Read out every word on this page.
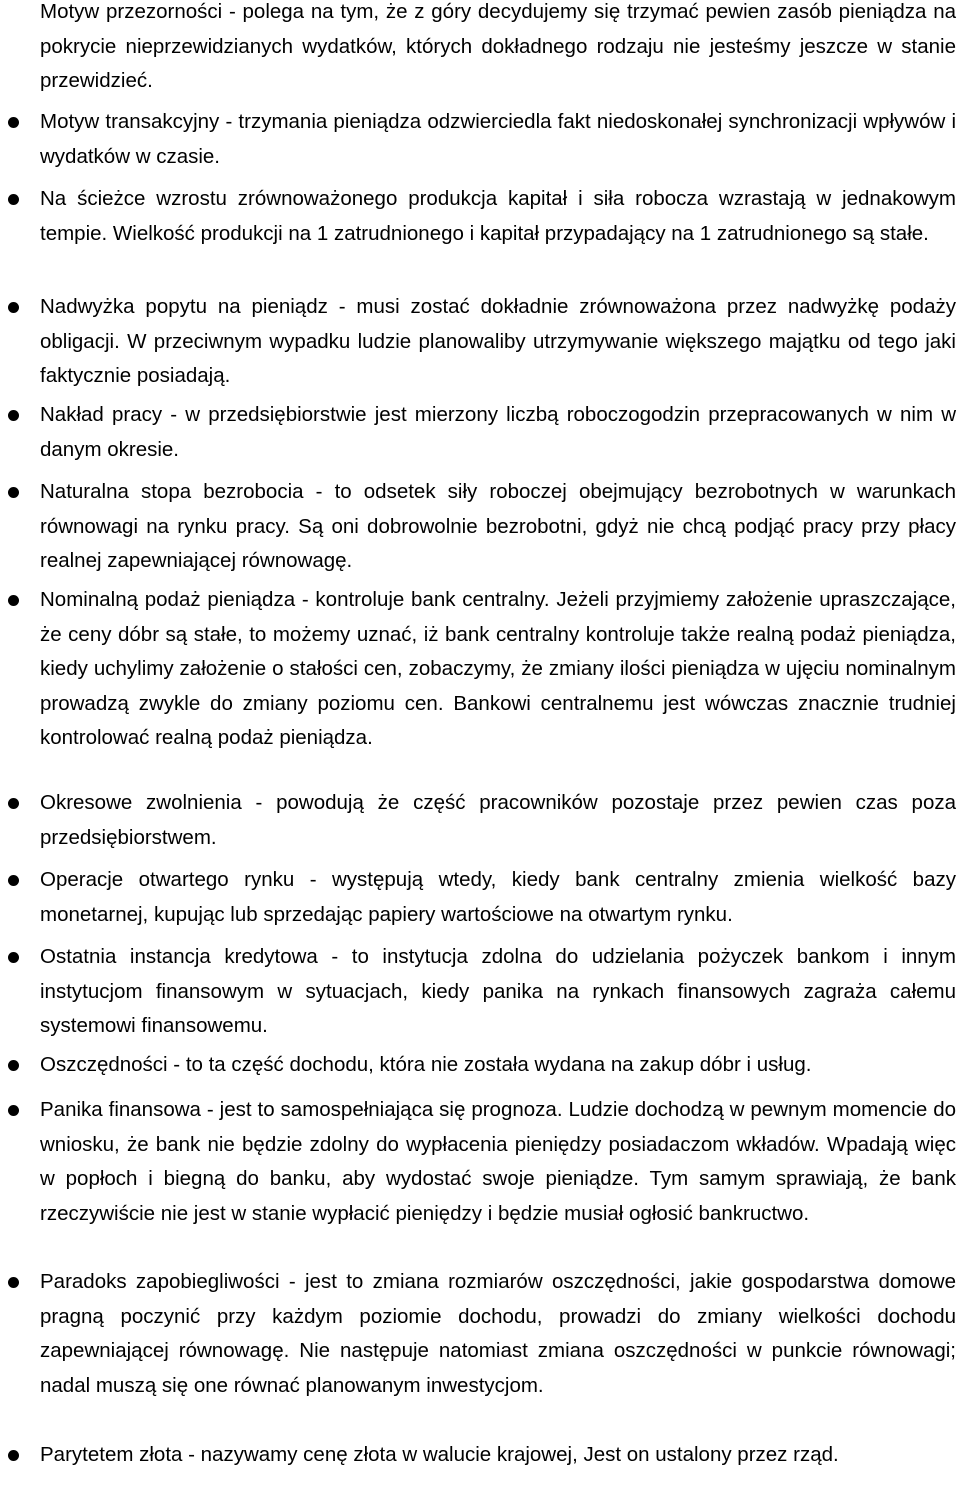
Motyw przezorności - polega na tym, że z góry decydujemy się trzymać pewien zasób pieniądza na pokrycie nieprzewidzianych wydatków, których dokładnego rodzaju nie jesteśmy jeszcze w stanie przewidzieć.

Motyw transakcyjny - trzymania pieniądza odzwierciedla fakt niedoskonałej synchronizacji wpływów i wydatków w czasie.

Na ścieżce wzrostu zrównoważonego produkcja kapitał i siła robocza wzrastają w jednakowym tempie. Wielkość produkcji na 1 zatrudnionego i kapitał przypadający na 1 zatrudnionego są stałe.

Nadwyżka popytu na pieniądz - musi zostać dokładnie zrównoważona przez nadwyżkę podaży obligacji. W przeciwnym wypadku ludzie planowaliby utrzymywanie większego majątku od tego jaki faktycznie posiadają.

Nakład pracy - w przedsiębiorstwie jest mierzony liczbą roboczogodzin przepracowanych w nim w danym okresie.

Naturalna stopa bezrobocia - to odsetek siły roboczej obejmujący bezrobotnych w warunkach równowagi na rynku pracy. Są oni dobrowolnie bezrobotni, gdyż nie chcą podjąć pracy przy płacy realnej zapewniającej równowagę.

Nominalną podaż pieniądza - kontroluje bank centralny. Jeżeli przyjmiemy założenie upraszczające, że ceny dóbr są stałe, to możemy uznać, iż bank centralny kontroluje także realną podaż pieniądza, kiedy uchylimy założenie o stałości cen, zobaczymy, że zmiany ilości pieniądza w ujęciu nominalnym prowadzą zwykle do zmiany poziomu cen. Bankowi centralnemu jest wówczas znacznie trudniej kontrolować realną podaż pieniądza.

Okresowe zwolnienia - powodują że część pracowników pozostaje przez pewien czas poza przedsiębiorstwem.

Operacje otwartego rynku - występują wtedy, kiedy bank centralny zmienia wielkość bazy monetarnej, kupując lub sprzedając papiery wartościowe na otwartym rynku.

Ostatnia instancja kredytowa - to instytucja zdolna do udzielania pożyczek bankom i innym instytucjom finansowym w sytuacjach, kiedy panika na rynkach finansowych zagraża całemu systemowi finansowemu.

Oszczędności - to ta część dochodu, która nie została wydana na zakup dóbr i usług.

Panika finansowa - jest to samospełniająca się prognoza. Ludzie dochodzą w pewnym momencie do wniosku, że bank nie będzie zdolny do wypłacenia pieniędzy posiadaczom wkładów. Wpadają więc w popłoch i biegną do banku, aby wydostać swoje pieniądze. Tym samym sprawiają, że bank rzeczywiście nie jest w stanie wypłacić pieniędzy i będzie musiał ogłosić bankructwo.

Paradoks zapobiegliwości - jest to zmiana rozmiarów oszczędności, jakie gospodarstwa domowe pragną poczynić przy każdym poziomie dochodu, prowadzi do zmiany wielkości dochodu zapewniającej równowagę. Nie następuje natomiast zmiana oszczędności w punkcie równowagi; nadal muszą się one równać planowanym inwestycjom.

Parytetem złota - nazywamy cenę złota w walucie krajowej, Jest on ustalony przez rząd.
